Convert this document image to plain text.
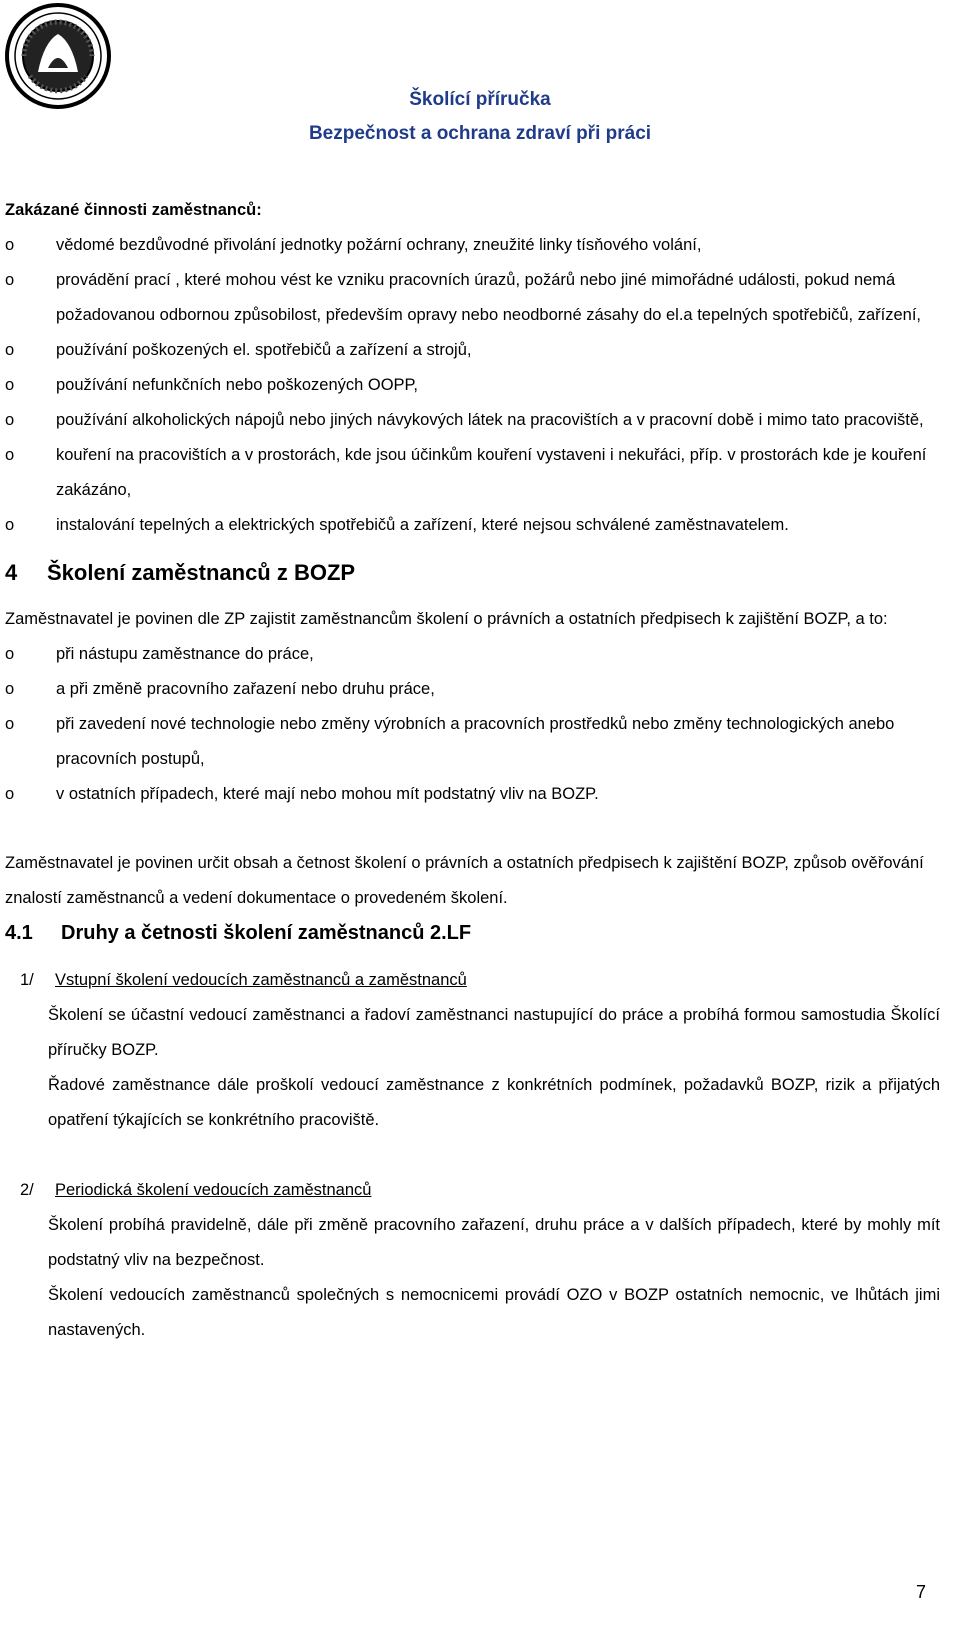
Školící příručka
Bezpečnost a ochrana zdraví při práci

Zakázané činnosti zaměstnanců:

o	vědomé bezdůvodné přivolání jednotky požární ochrany, zneužité linky tísňového volání,
o	provádění prací , které mohou vést ke vzniku pracovních úrazů, požárů nebo jiné mimořádné události, pokud nemá požadovanou odbornou způsobilost, především opravy nebo neodborné zásahy do el.a tepelných spotřebičů, zařízení,
o	používání poškozených el. spotřebičů a zařízení a strojů,
o	používání nefunkčních nebo poškozených OOPP,
o	používání alkoholických nápojů nebo jiných návykových látek na pracovištích a v pracovní době i mimo tato pracoviště,
o	kouření na pracovištích a v prostorách, kde jsou účinkům kouření vystaveni i nekuřáci, příp. v prostorách kde je kouření zakázáno,
o	instalování tepelných a elektrických spotřebičů a zařízení, které nejsou schválené zaměstnavatelem.
4 Školení zaměstnanců z BOZP

Zaměstnavatel je povinen dle ZP zajistit zaměstnancům školení o právních a ostatních předpisech k zajištění BOZP, a to:

o	při nástupu zaměstnance do práce,
o	a při změně pracovního zařazení nebo druhu práce,
o	při zavedení nové technologie nebo změny výrobních a pracovních prostředků nebo změny technologických anebo pracovních postupů,
o	v ostatních případech, které mají nebo mohou mít podstatný vliv na BOZP.

Zaměstnavatel je povinen určit obsah a četnost školení o právních a ostatních předpisech k zajištění BOZP, způsob ověřování znalostí zaměstnanců a vedení dokumentace o provedeném školení.

4.1 Druhy a četnosti školení zaměstnanců 2.LF
1/ Vstupní školení vedoucích zaměstnanců a zaměstnanců
Školení se účastní vedoucí zaměstnanci a řadoví zaměstnanci nastupující do práce a probíhá formou samostudia Školící příručky BOZP.
Řadové zaměstnance dále proškolí vedoucí zaměstnance z konkrétních podmínek, požadavků BOZP, rizik a přijatých opatření týkajících se konkrétního pracoviště.
2/ Periodická školení vedoucích zaměstnanců
Školení probíhá pravidelně, dále při změně pracovního zařazení, druhu práce a v dalších případech, které by mohly mít podstatný vliv na bezpečnost.
Školení vedoucích zaměstnanců společných s nemocnicemi provádí OZO v BOZP ostatních nemocnic, ve lhůtách jimi nastavených.
7
